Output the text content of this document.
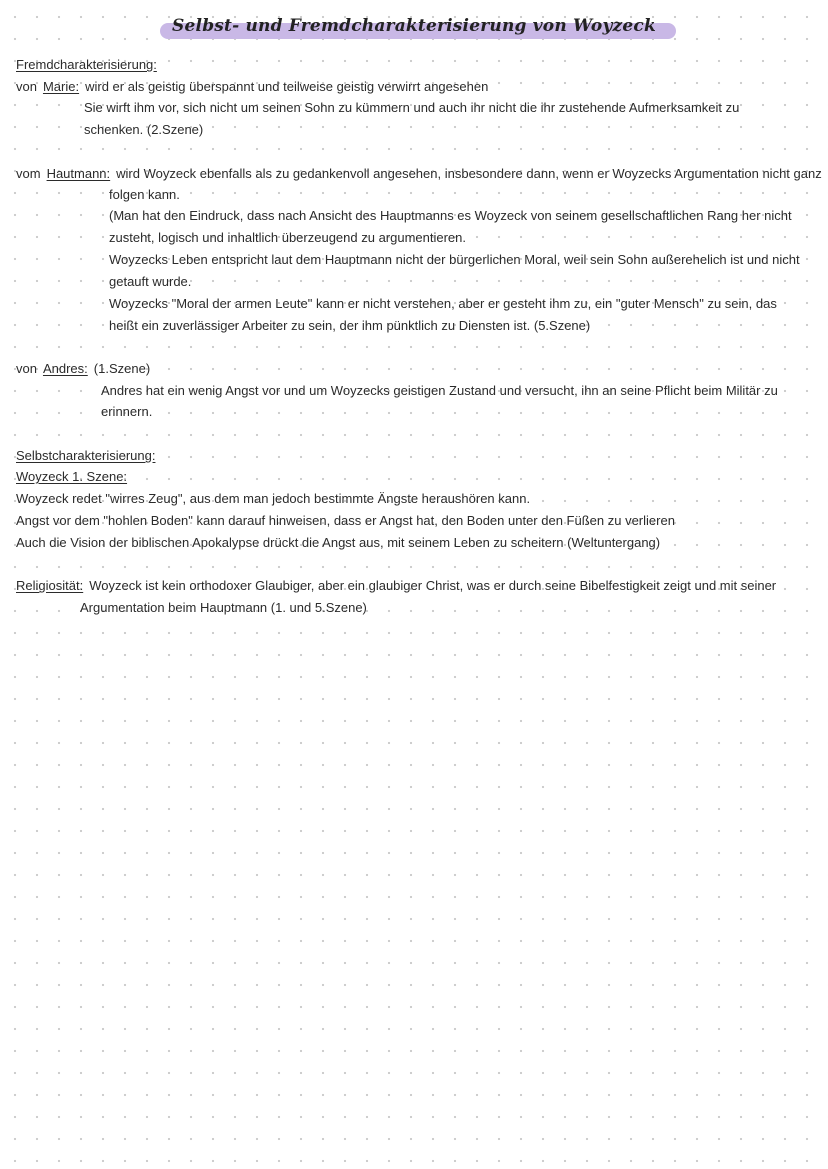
Selbst- und Fremdcharakterisierung von Woyzeck
Fremdcharakterisierung:
von Marie: wird er als geistig überspannt und teilweise geistig verwirrt angesehen
Sie wirft ihm vor, sich nicht um seinen Sohn zu kümmern und auch ihr nicht die ihr zustehende Aufmerksamkeit zu
schenken. (2.Szene)
vom Hautmann: wird Woyzeck ebenfalls als zu gedankenvoll angesehen, insbesondere dann, wenn er Woyzecks Argumentation nicht ganz
folgen kann.
(Man hat den Eindruck, dass nach Ansicht des Hauptmanns es Woyzeck von seinem gesellschaftlichen Rang her nicht
zusteht, logisch und inhaltlich überzeugend zu argumentieren.
Woyzecks Leben entspricht laut dem Hauptmann nicht der bürgerlichen Moral, weil sein Sohn außerehelich ist und nicht
getauft wurde.
Woyzecks "Moral der armen Leute" kann er nicht verstehen, aber er gesteht ihm zu, ein "guter Mensch" zu sein, das
heißt ein zuverlässiger Arbeiter zu sein, der ihm pünktlich zu Diensten ist. (5.Szene)
von Andres: (1.Szene)
Andres hat ein wenig Angst vor und um Woyzecks geistigen Zustand und versucht, ihn an seine Pflicht beim Militär zu
erinnern.
Selbstcharakterisierung:
Woyzeck 1. Szene:
Woyzeck redet "wirres Zeug", aus dem man jedoch bestimmte Ängste heraushören kann.
Angst vor dem "hohlen Boden" kann darauf hinweisen, dass er Angst hat, den Boden unter den Füßen zu verlieren
Auch die Vision der biblischen Apokalypse drückt die Angst aus, mit seinem Leben zu scheitern (Weltuntergang)
Religiosität: Woyzeck ist kein orthodoxer Glaubiger, aber ein glaubiger Christ, was er durch seine Bibelfestigkeit zeigt und mit seiner
Argumentation beim Hauptmann (1. und 5.Szene)
